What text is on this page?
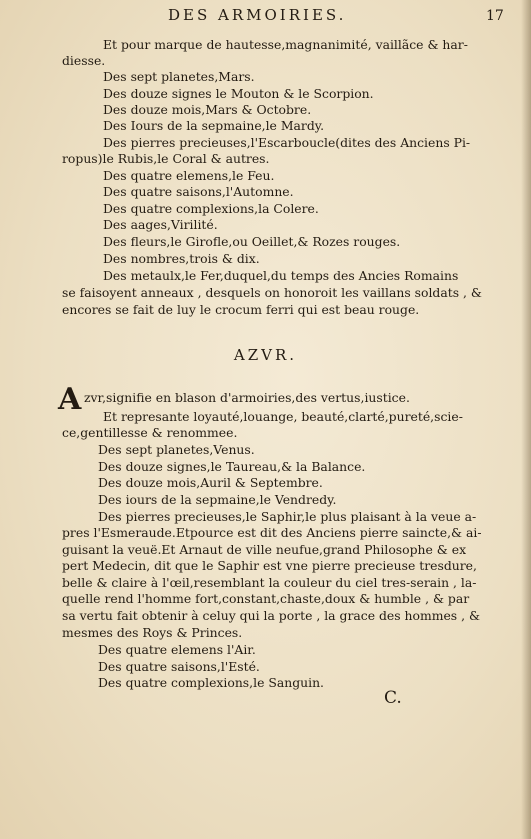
DES ARMOIRIES.	17
Et pour marque de hautesse,magnanimité, vaillãce & har-
diesse.
Des sept planetes,Mars.
Des douze signes le Mouton & le Scorpion.
Des douze mois,Mars & Octobre.
Des Iours de la sepmaine,le Mardy.
Des pierres precieuses,l'Escarboucle(dites des Anciens Pi-
ropus)le Rubis,le Coral & autres.
Des quatre elemens,le Feu.
Des quatre saisons,l'Automne.
Des quatre complexions,la Colere.
Des aages,Virilité.
Des fleurs,le Girofle,ou Oeillet,& Rozes rouges.
Des nombres,trois & dix.
Des metaulx,le Fer,duquel,du temps des Ancies Romains
se faisoyent anneaux , desquels on honoroit les vaillans soldats , &
encores se fait de luy le crocum ferri qui est beau rouge.
AZVR.
A zvr,signifie en blason d'armoiries,des vertus,iustice.
Et represante loyauté,louange, beauté,clarté,pureté,scie-
ce,gentillesse & renommee.
Des sept planetes,Venus.
Des douze signes,le Taureau,& la Balance.
Des douze mois,Auril & Septembre.
Des iours de la sepmaine,le Vendredy.
Des pierres precieuses,le Saphir,le plus plaisant à la veue a-
pres l'Esmeraude.Etpource est dit des Anciens pierre saincte,& ai-
guisant la veuë.Et Arnaut de ville neufue,grand Philosophe & ex
pert Medecin, dit que le Saphir est vne pierre precieuse tresdure,
belle & claire à l'œil,resemblant la couleur du ciel tres-serain , la-
quelle rend l'homme fort,constant,chaste,doux & humble , & par
sa vertu fait obtenir à celuy qui la porte , la grace des hommes , &
mesmes des Roys & Princes.
Des quatre elemens l'Air.
Des quatre saisons,l'Esté.
Des quatre complexions,le Sanguin.
C.
